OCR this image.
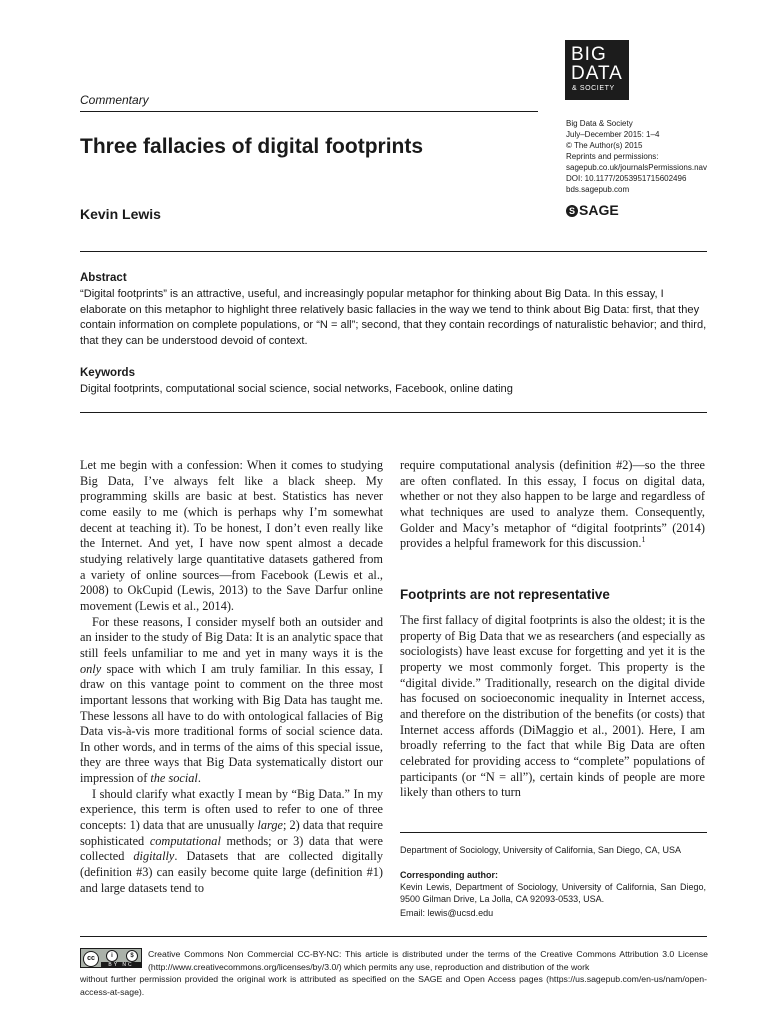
BIG
DATA
& SOCIETY
Commentary
Three fallacies of digital footprints
Kevin Lewis
Big Data & Society
July–December 2015: 1–4
© The Author(s) 2015
Reprints and permissions:
sagepub.co.uk/journalsPermissions.nav
DOI: 10.1177/2053951715602496
bds.sagepub.com
S SAGE
Abstract

“Digital footprints” is an attractive, useful, and increasingly popular metaphor for thinking about Big Data. In this essay, I elaborate on this metaphor to highlight three relatively basic fallacies in the way we tend to think about Big Data: first, that they contain information on complete populations, or “N = all”; second, that they contain recordings of naturalistic behavior; and third, that they can be understood devoid of context.

Keywords
Digital footprints, computational social science, social networks, Facebook, online dating

Let me begin with a confession: When it comes to studying Big Data, I’ve always felt like a black sheep. My programming skills are basic at best. Statistics has never come easily to me (which is perhaps why I’m somewhat decent at teaching it). To be honest, I don’t even really like the Internet. And yet, I have now spent almost a decade studying relatively large quantitative datasets gathered from a variety of online sources—from Facebook (Lewis et al., 2008) to OkCupid (Lewis, 2013) to the Save Darfur online movement (Lewis et al., 2014).

For these reasons, I consider myself both an outsider and an insider to the study of Big Data: It is an analytic space that still feels unfamiliar to me and yet in many ways it is the only space with which I am truly familiar. In this essay, I draw on this vantage point to comment on the three most important lessons that working with Big Data has taught me. These lessons all have to do with ontological fallacies of Big Data vis-à-vis more traditional forms of social science data. In other words, and in terms of the aims of this special issue, they are three ways that Big Data systematically distort our impression of the social.

I should clarify what exactly I mean by “Big Data.” In my experience, this term is often used to refer to one of three concepts: 1) data that are unusually large; 2) data that require sophisticated computational methods; or 3) data that were collected digitally. Datasets that are collected digitally (definition #3) can easily become quite large (definition #1) and large datasets tend to

require computational analysis (definition #2)—so the three are often conflated. In this essay, I focus on digital data, whether or not they also happen to be large and regardless of what techniques are used to analyze them. Consequently, Golder and Macy’s metaphor of “digital footprints” (2014) provides a helpful framework for this discussion.$^1$

Footprints are not representative

The first fallacy of digital footprints is also the oldest; it is the property of Big Data that we as researchers (and especially as sociologists) have least excuse for forgetting and yet it is the property we most commonly forget. This property is the “digital divide.” Traditionally, research on the digital divide has focused on socioeconomic inequality in Internet access, and therefore on the distribution of the benefits (or costs) that Internet access affords (DiMaggio et al., 2001). Here, I am broadly referring to the fact that while Big Data are often celebrated for providing access to “complete” populations of participants (or “N = all”), certain kinds of people are more likely than others to turn

Department of Sociology, University of California, San Diego, CA, USA
Corresponding author:
Kevin Lewis, Department of Sociology, University of California, San Diego, 9500 Gilman Drive, La Jolla, CA 92093-0533, USA.
Email: lewis@ucsd.edu
cc	i	$
BY NC
Creative Commons Non Commercial CC-BY-NC: This article is distributed under the terms of the Creative Commons Attribution 3.0 License (http://www.creativecommons.org/licenses/by/3.0/) which permits any use, reproduction and distribution of the work
without further permission provided the original work is attributed as specified on the SAGE and Open Access pages (https://us.sagepub.com/en-us/nam/open-access-at-sage).
